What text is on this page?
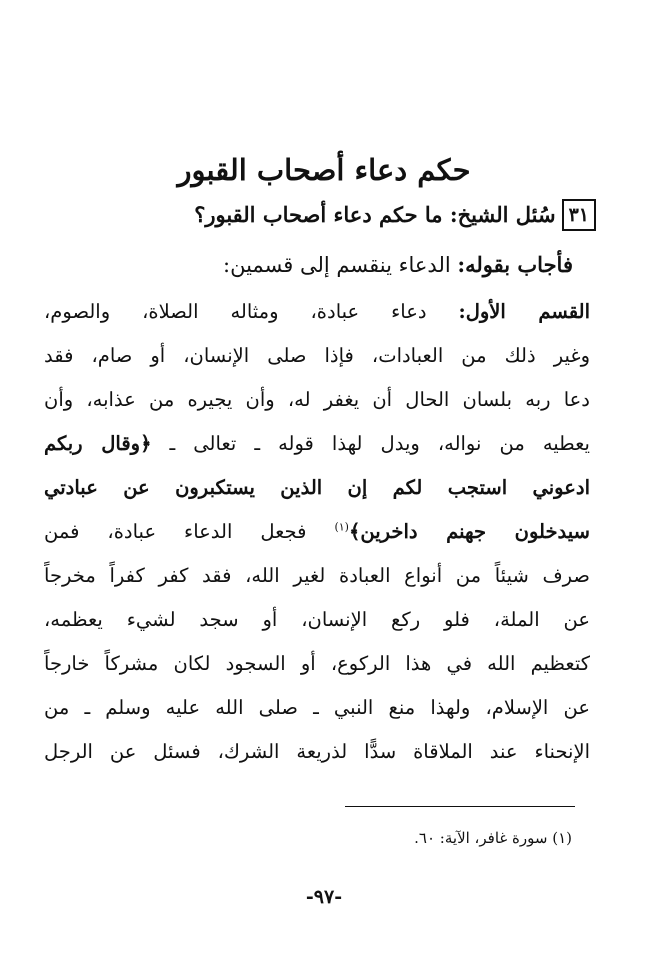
حكم دعاء أصحاب القبور
٣١
سُئل الشيخ: ما حكم دعاء أصحاب القبور؟
فأجاب بقوله: الدعاء ينقسم إلى قسمين:
القسم الأول: دعاء عبادة، ومثاله الصلاة، والصوم،
وغير ذلك من العبادات، فإذا صلى الإنسان، أو صام، فقد
دعا ربه بلسان الحال أن يغفر له، وأن يجيره من عذابه، وأن
يعطيه من نواله، ويدل لهذا قوله ـ تعالى ـ ﴿وقال ربكم
ادعوني استجب لكم إن الذين يستكبرون عن عبادتي
سيدخلون جهنم داخرين﴾$^{(١)}$ فجعل الدعاء عبادة، فمن
صرف شيئاً من أنواع العبادة لغير الله، فقد كفر كفراً مخرجاً
عن الملة، فلو ركع الإنسان، أو سجد لشيء يعظمه،
كتعظيم الله في هذا الركوع، أو السجود لكان مشركاً خارجاً
عن الإسلام، ولهذا منع النبي ـ صلى الله عليه وسلم ـ من
الإنحناء عند الملاقاة سدًّا لذريعة الشرك، فسئل عن الرجل
(١) سورة غافر، الآية: ٦٠.
-٩٧-
